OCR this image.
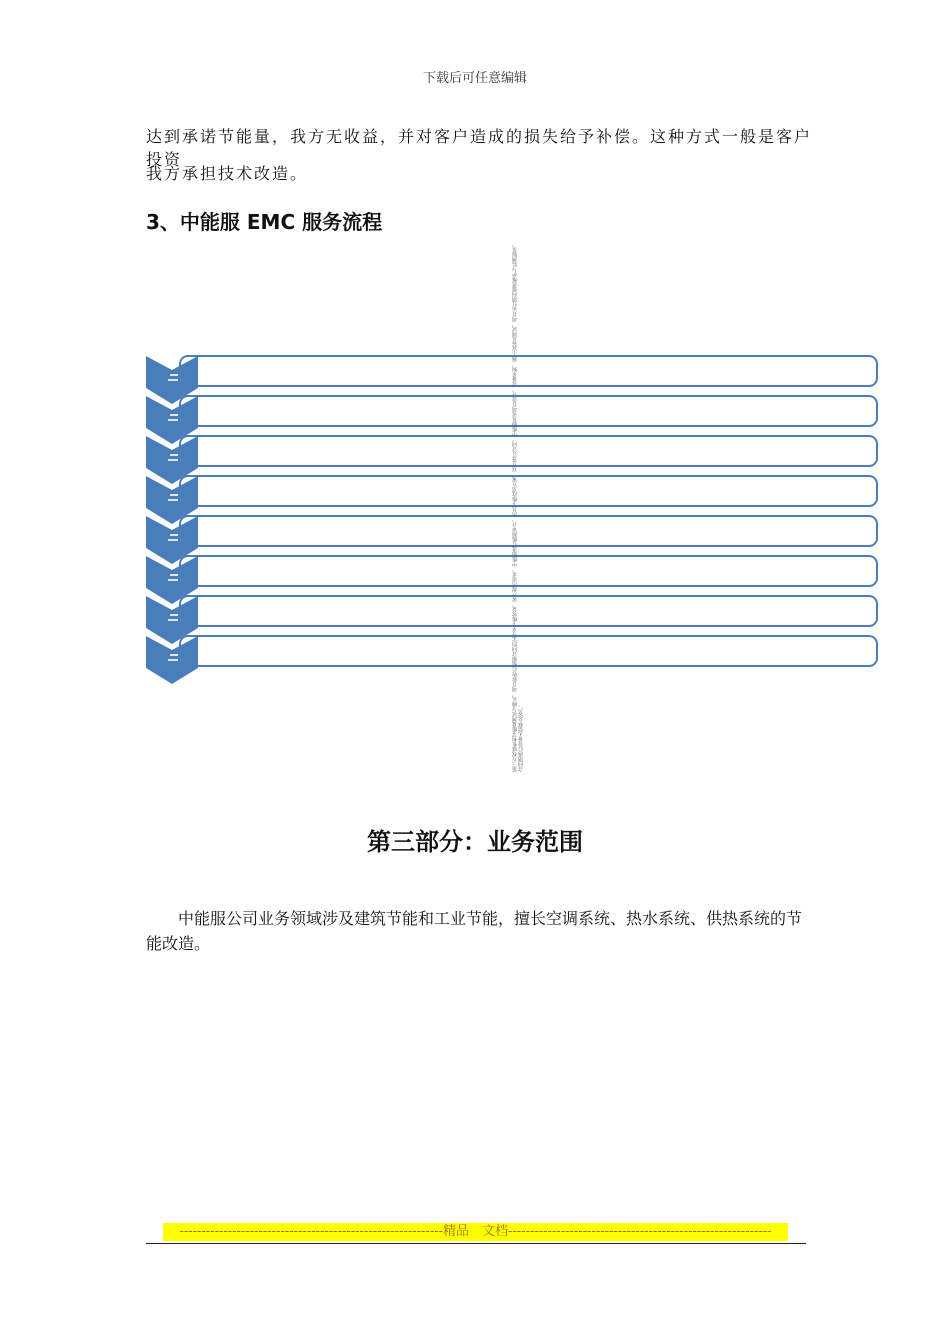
下载后可任意编辑
达到承诺节能量，我方无收益，并对客户造成的损失给予补偿。这种方式一般是客户投资
我方承担技术改造。
3、中能服 EMC 服务流程
第三方权威机构节能量测试与确认，项目验收后根据合同约定分享节能效益。客户提出需求，中能服进行能源审计，出具节能改造方案，双方签订合同，中能服负责项目设计、设备采购、施工安装及调试，项目运行期间提供维护与监测服务，合同期满后设备无偿移交客户。
第三部分：业务范围
中能服公司业务领域涉及建筑节能和工业节能，擅长空调系统、热水系统、供热系统的节能改造。
------------------------------------------------------------精品　文档------------------------------------------------------------
